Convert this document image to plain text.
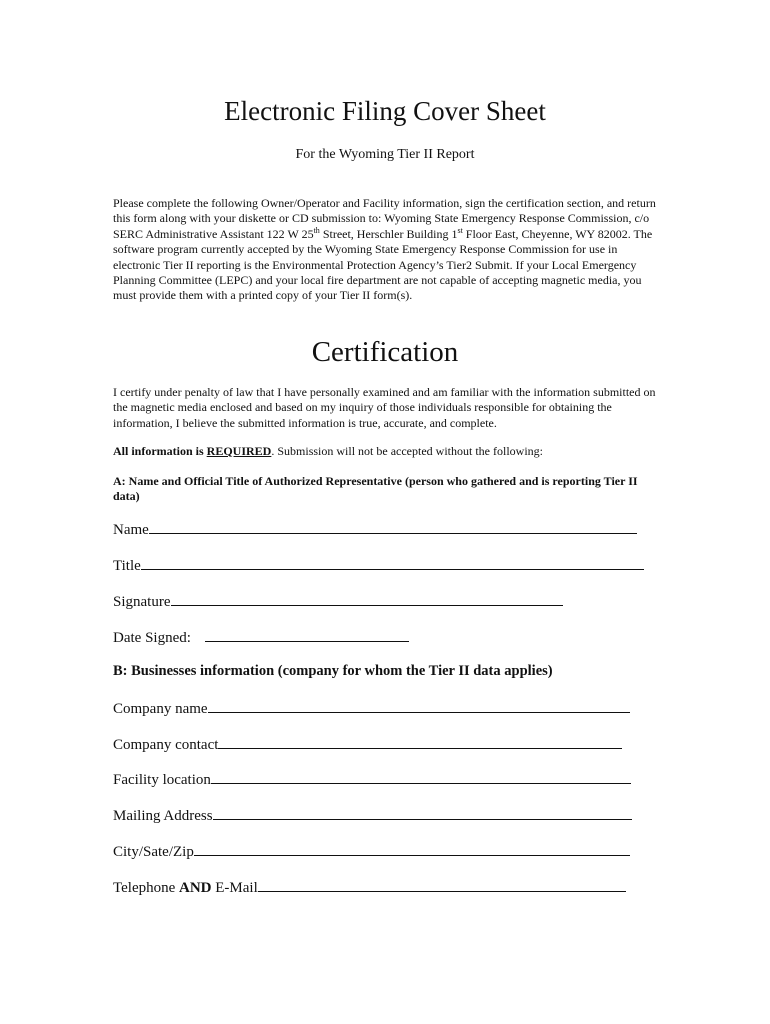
Electronic Filing Cover Sheet
For the Wyoming Tier II Report
Please complete the following Owner/Operator and Facility information, sign the certification section, and return this form along with your diskette or CD submission to: Wyoming State Emergency Response Commission, c/o SERC Administrative Assistant 122 W 25th Street, Herschler Building 1st Floor East, Cheyenne, WY 82002. The software program currently accepted by the Wyoming State Emergency Response Commission for use in electronic Tier II reporting is the Environmental Protection Agency’s Tier2 Submit. If your Local Emergency Planning Committee (LEPC) and your local fire department are not capable of accepting magnetic media, you must provide them with a printed copy of your Tier II form(s).
Certification
I certify under penalty of law that I have personally examined and am familiar with the information submitted on the magnetic media enclosed and based on my inquiry of those individuals responsible for obtaining the information, I believe the submitted information is true, accurate, and complete.
All information is REQUIRED. Submission will not be accepted without the following:
A: Name and Official Title of Authorized Representative (person who gathered and is reporting Tier II data)
Name
Title
Signature
Date Signed:
B: Businesses information (company for whom the Tier II data applies)
Company name
Company contact
Facility location
Mailing Address
City/Sate/Zip
Telephone AND E-Mail
